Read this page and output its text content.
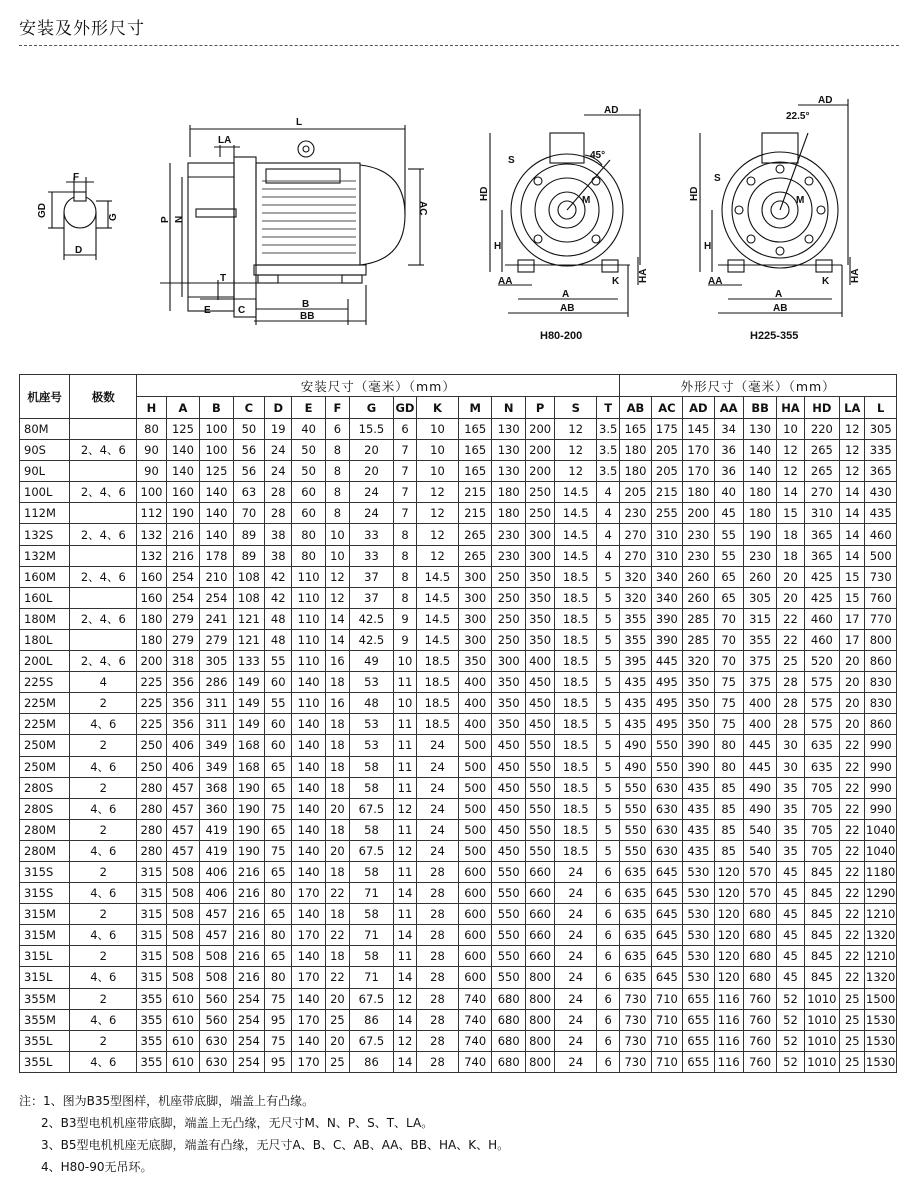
安装及外形尺寸
F
GD	G
D
L
LA
AC
P N
T
E	C
B
BB
AD
45°
S
M
HD
H
AA
A
AB
K HA
H80-200
AD
22.5°
S
M
HD
H
AA
A
AB
K HA
H225-355
机座号	极数	安装尺寸（毫米）（mm）															外形尺寸（毫米）（mm）								
		H	A	B	C	D	E	F	G	GD	K	M	N	P	S	T	AB	AC	AD	AA	BB	HA	HD	LA	L
80M		80	125	100	50	19	40	6	15.5	6	10	165	130	200	12	3.5	165	175	145	34	130	10	220	12	305
90S	2、4、6	90	140	100	56	24	50	8	20	7	10	165	130	200	12	3.5	180	205	170	36	140	12	265	12	335
90L		90	140	125	56	24	50	8	20	7	10	165	130	200	12	3.5	180	205	170	36	140	12	265	12	365
100L	2、4、6	100	160	140	63	28	60	8	24	7	12	215	180	250	14.5	4	205	215	180	40	180	14	270	14	430
112M		112	190	140	70	28	60	8	24	7	12	215	180	250	14.5	4	230	255	200	45	180	15	310	14	435
132S	2、4、6	132	216	140	89	38	80	10	33	8	12	265	230	300	14.5	4	270	310	230	55	190	18	365	14	460
132M		132	216	178	89	38	80	10	33	8	12	265	230	300	14.5	4	270	310	230	55	230	18	365	14	500
160M	2、4、6	160	254	210	108	42	110	12	37	8	14.5	300	250	350	18.5	5	320	340	260	65	260	20	425	15	730
160L		160	254	254	108	42	110	12	37	8	14.5	300	250	350	18.5	5	320	340	260	65	305	20	425	15	760
180M	2、4、6	180	279	241	121	48	110	14	42.5	9	14.5	300	250	350	18.5	5	355	390	285	70	315	22	460	17	770
180L		180	279	279	121	48	110	14	42.5	9	14.5	300	250	350	18.5	5	355	390	285	70	355	22	460	17	800
200L	2、4、6	200	318	305	133	55	110	16	49	10	18.5	350	300	400	18.5	5	395	445	320	70	375	25	520	20	860
225S	4	225	356	286	149	60	140	18	53	11	18.5	400	350	450	18.5	5	435	495	350	75	375	28	575	20	830
225M	2	225	356	311	149	55	110	16	48	10	18.5	400	350	450	18.5	5	435	495	350	75	400	28	575	20	830
225M	4、6	225	356	311	149	60	140	18	53	11	18.5	400	350	450	18.5	5	435	495	350	75	400	28	575	20	860
250M	2	250	406	349	168	60	140	18	53	11	24	500	450	550	18.5	5	490	550	390	80	445	30	635	22	990
250M	4、6	250	406	349	168	65	140	18	58	11	24	500	450	550	18.5	5	490	550	390	80	445	30	635	22	990
280S	2	280	457	368	190	65	140	18	58	11	24	500	450	550	18.5	5	550	630	435	85	490	35	705	22	990
280S	4、6	280	457	360	190	75	140	20	67.5	12	24	500	450	550	18.5	5	550	630	435	85	490	35	705	22	990
280M	2	280	457	419	190	65	140	18	58	11	24	500	450	550	18.5	5	550	630	435	85	540	35	705	22	1040
280M	4、6	280	457	419	190	75	140	20	67.5	12	24	500	450	550	18.5	5	550	630	435	85	540	35	705	22	1040
315S	2	315	508	406	216	65	140	18	58	11	28	600	550	660	24	6	635	645	530	120	570	45	845	22	1180
315S	4、6	315	508	406	216	80	170	22	71	14	28	600	550	660	24	6	635	645	530	120	570	45	845	22	1290
315M	2	315	508	457	216	65	140	18	58	11	28	600	550	660	24	6	635	645	530	120	680	45	845	22	1210
315M	4、6	315	508	457	216	80	170	22	71	14	28	600	550	660	24	6	635	645	530	120	680	45	845	22	1320
315L	2	315	508	508	216	65	140	18	58	11	28	600	550	660	24	6	635	645	530	120	680	45	845	22	1210
315L	4、6	315	508	508	216	80	170	22	71	14	28	600	550	800	24	6	635	645	530	120	680	45	845	22	1320
355M	2	355	610	560	254	75	140	20	67.5	12	28	740	680	800	24	6	730	710	655	116	760	52	1010	25	1500
355M	4、6	355	610	560	254	95	170	25	86	14	28	740	680	800	24	6	730	710	655	116	760	52	1010	25	1530
355L	2	355	610	630	254	75	140	20	67.5	12	28	740	680	800	24	6	730	710	655	116	760	52	1010	25	1530
355L	4、6	355	610	630	254	95	170	25	86	14	28	740	680	800	24	6	730	710	655	116	760	52	1010	25	1530
注：1、图为B35型图样，机座带底脚，端盖上有凸缘。
2、B3型电机机座带底脚，端盖上无凸缘，无尺寸M、N、P、S、T、LA。
3、B5型电机机座无底脚，端盖有凸缘，无尺寸A、B、C、AB、AA、BB、HA、K、H。
4、H80-90无吊环。
